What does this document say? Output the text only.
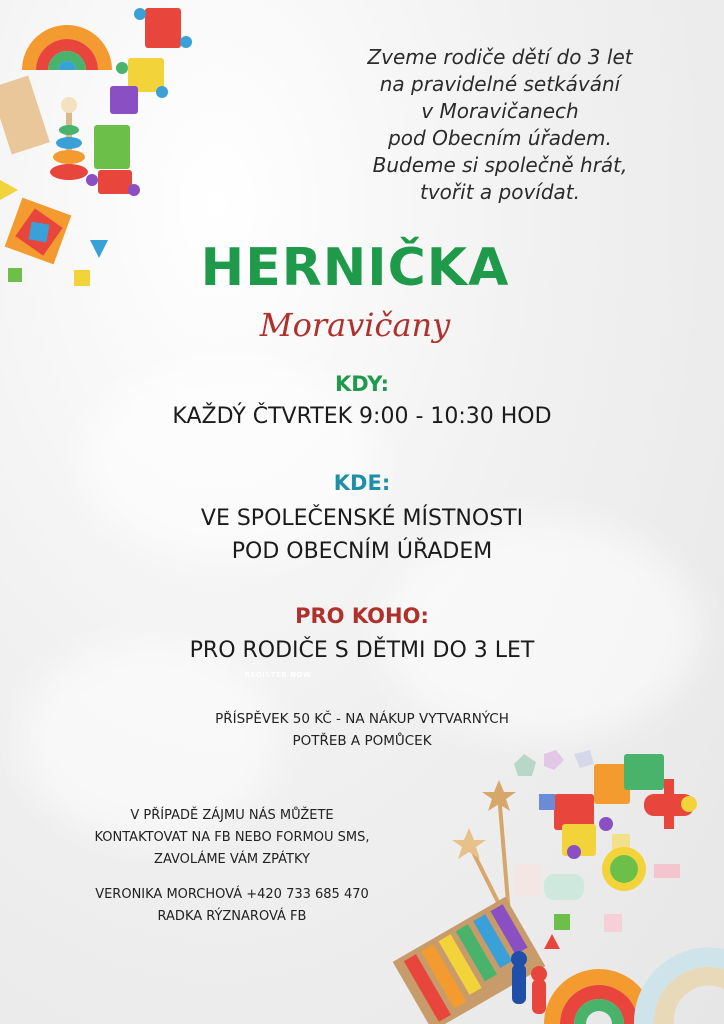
Zveme rodiče dětí do 3 let
na pravidelné setkávání
v Moravičanech
pod Obecním úřadem.
Budeme si společně hrát,
tvořit a povídat.
HERNIČKA
Moravičany
KDY:
KAŽDÝ ČTVRTEK 9:00 - 10:30 HOD
KDE:
VE SPOLEČENSKÉ MÍSTNOSTI
POD OBECNÍM ÚŘADEM
PRO KOHO:
PRO RODIČE S DĚTMI DO 3 LET
REGISTER NOW
PŘÍSPĚVEK 50 KČ - NA NÁKUP VYTVARNÝCH
POTŘEB A POMŮCEK
V PŘÍPADĚ ZÁJMU NÁS MŮŽETE
KONTAKTOVAT NA FB NEBO FORMOU SMS,
ZAVOLÁME VÁM ZPÁTKY
VERONIKA MORCHOVÁ +420 733 685 470
RADKA RÝZNAROVÁ FB
